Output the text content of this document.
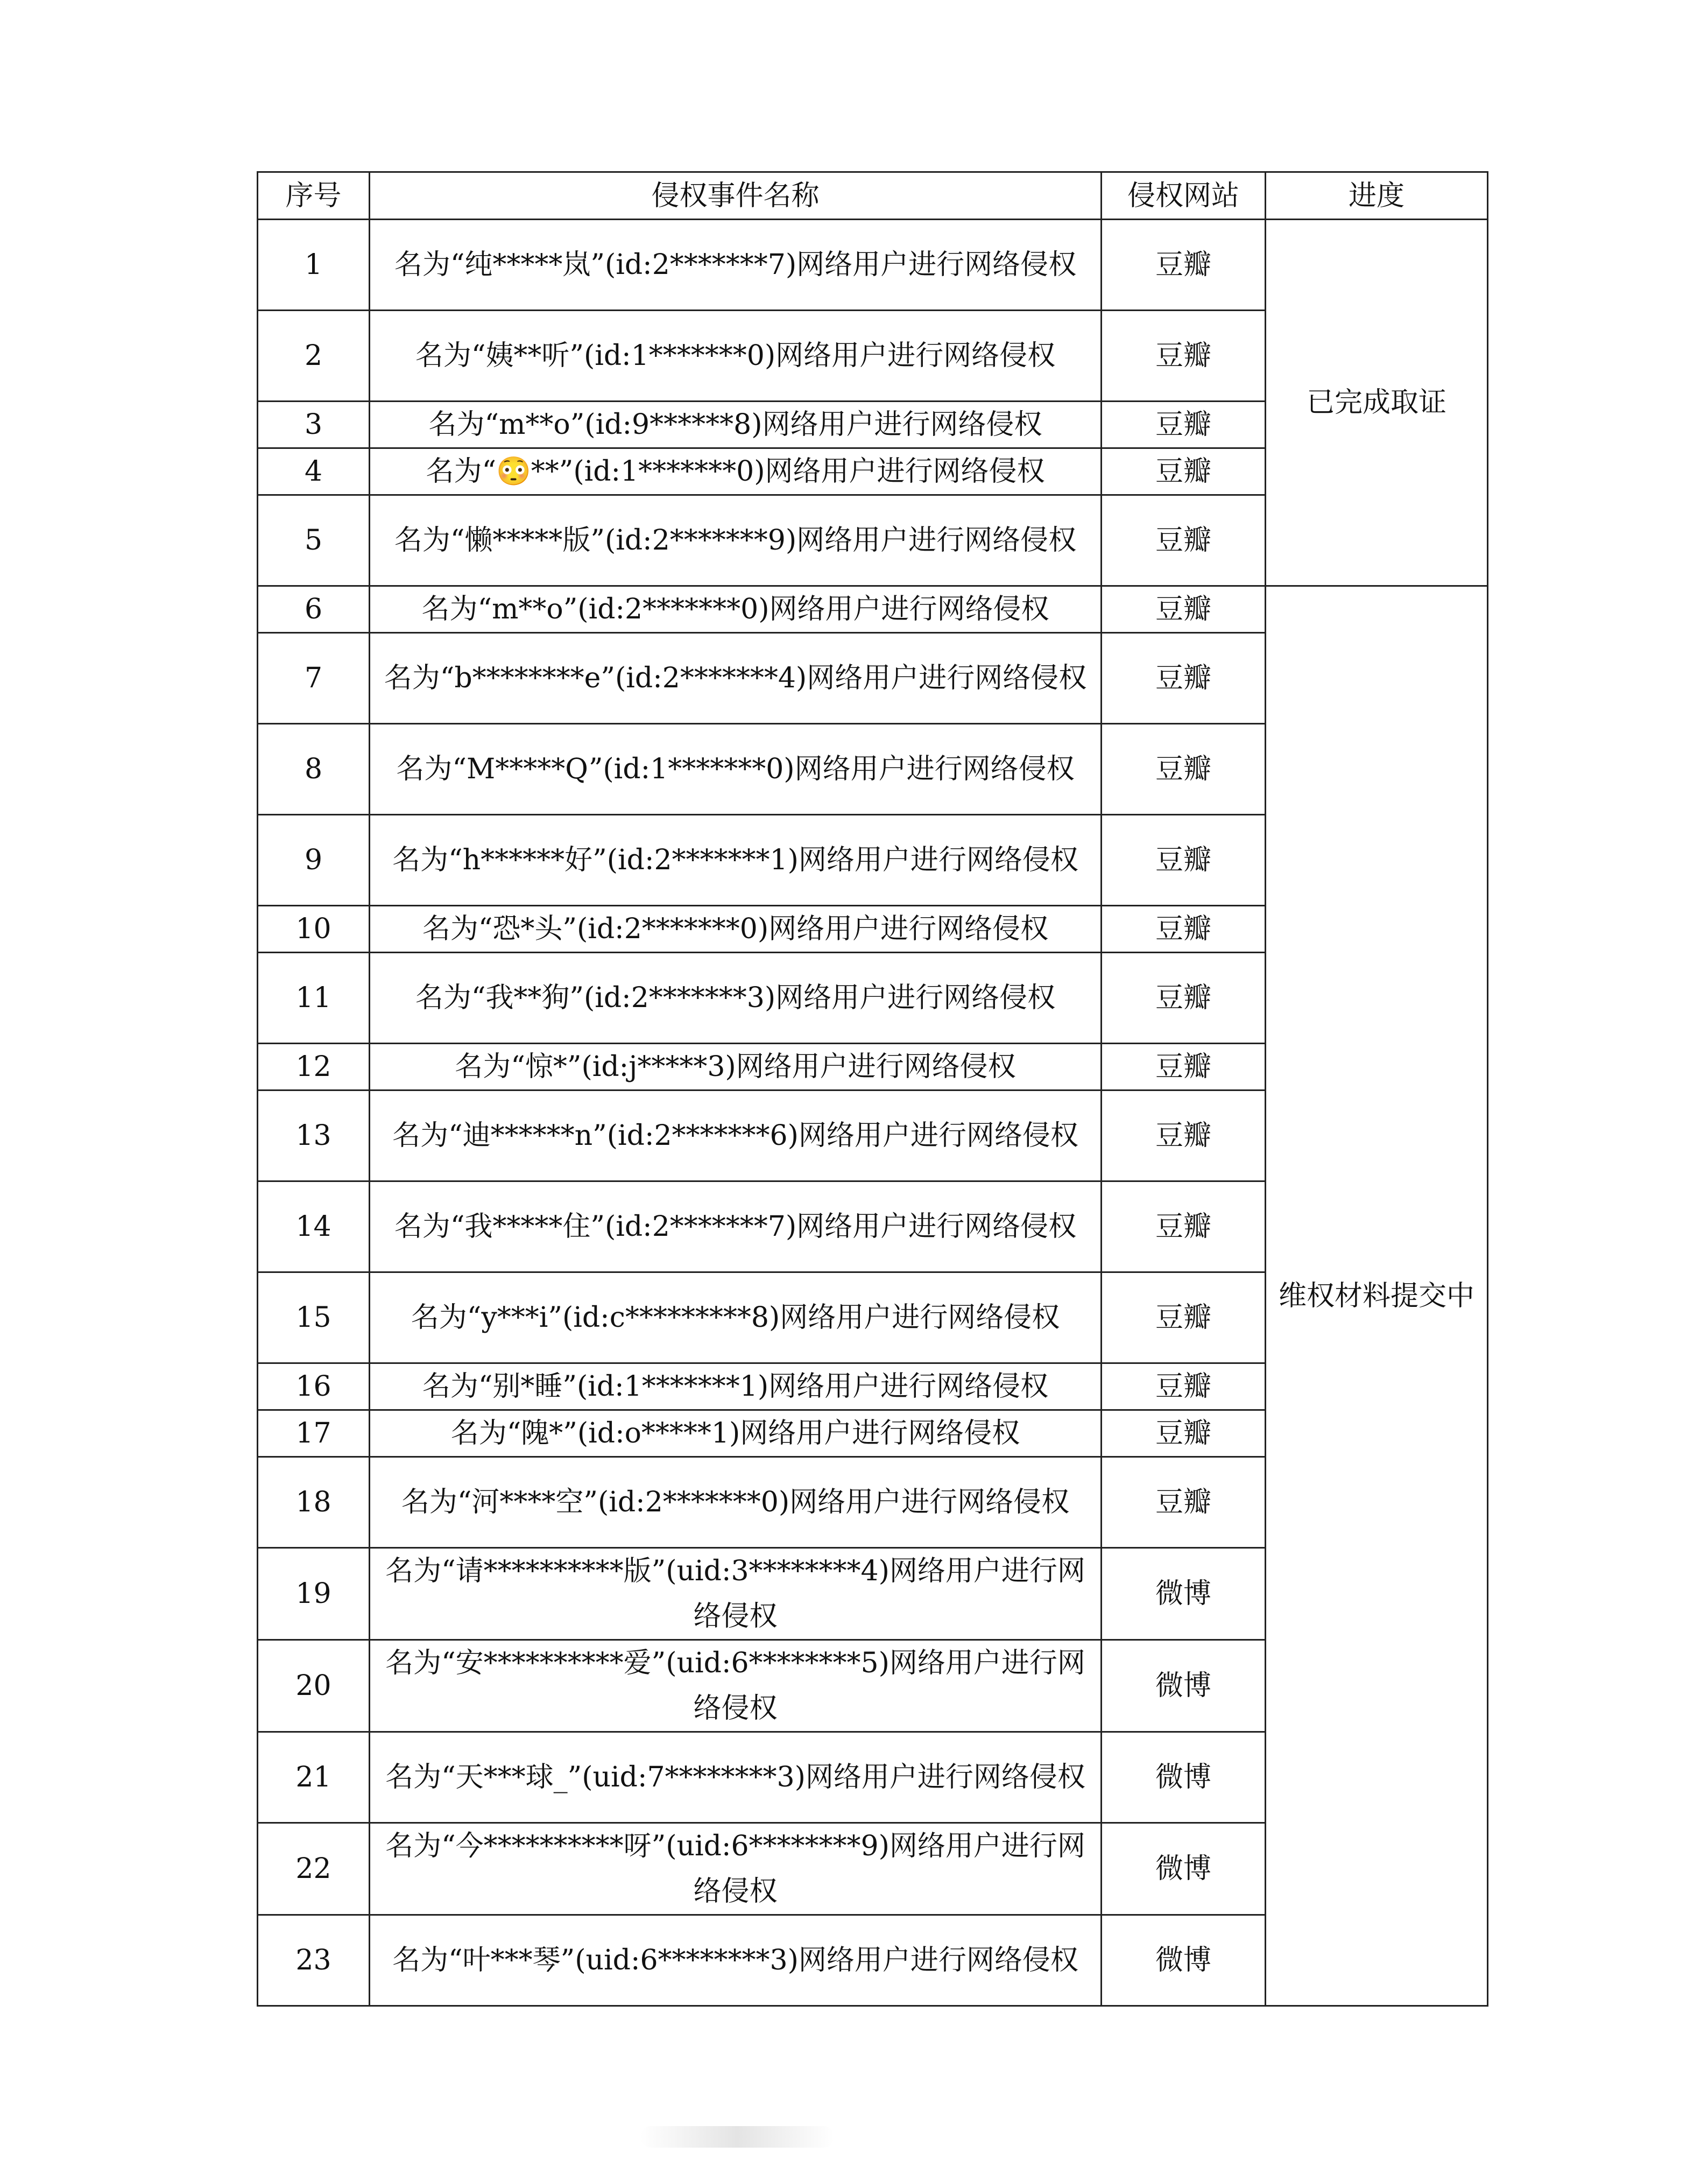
序号	侵权事件名称	侵权网站	进度
1	名为“纯*****岚”(id:2*******7)网络用户进行网络侵权	豆瓣	已完成取证
2	名为“姨**听”(id:1*******0)网络用户进行网络侵权	豆瓣	
3	名为“m**o”(id:9******8)网络用户进行网络侵权	豆瓣	
4	名为“😳**”(id:1*******0)网络用户进行网络侵权	豆瓣	
5	名为“懒*****版”(id:2*******9)网络用户进行网络侵权	豆瓣	
6	名为“m**o”(id:2*******0)网络用户进行网络侵权	豆瓣	维权材料提交中
7	名为“b********e”(id:2*******4)网络用户进行网络侵权	豆瓣	
8	名为“M*****Q”(id:1*******0)网络用户进行网络侵权	豆瓣	
9	名为“h******好”(id:2*******1)网络用户进行网络侵权	豆瓣	
10	名为“恐*头”(id:2*******0)网络用户进行网络侵权	豆瓣	
11	名为“我**狗”(id:2*******3)网络用户进行网络侵权	豆瓣	
12	名为“惊*”(id:j*****3)网络用户进行网络侵权	豆瓣	
13	名为“迪******n”(id:2*******6)网络用户进行网络侵权	豆瓣	
14	名为“我*****住”(id:2*******7)网络用户进行网络侵权	豆瓣	
15	名为“y***i”(id:c*********8)网络用户进行网络侵权	豆瓣	
16	名为“别*睡”(id:1*******1)网络用户进行网络侵权	豆瓣	
17	名为“隗*”(id:o*****1)网络用户进行网络侵权	豆瓣	
18	名为“河****空”(id:2*******0)网络用户进行网络侵权	豆瓣	
19	名为“请**********版”(uid:3********4)网络用户进行网络侵权	微博	
20	名为“安**********爱”(uid:6********5)网络用户进行网络侵权	微博	
21	名为“天***球_”(uid:7********3)网络用户进行网络侵权	微博	
22	名为“今**********呀”(uid:6********9)网络用户进行网络侵权	微博	
23	名为“叶***琴”(uid:6********3)网络用户进行网络侵权	微博	
